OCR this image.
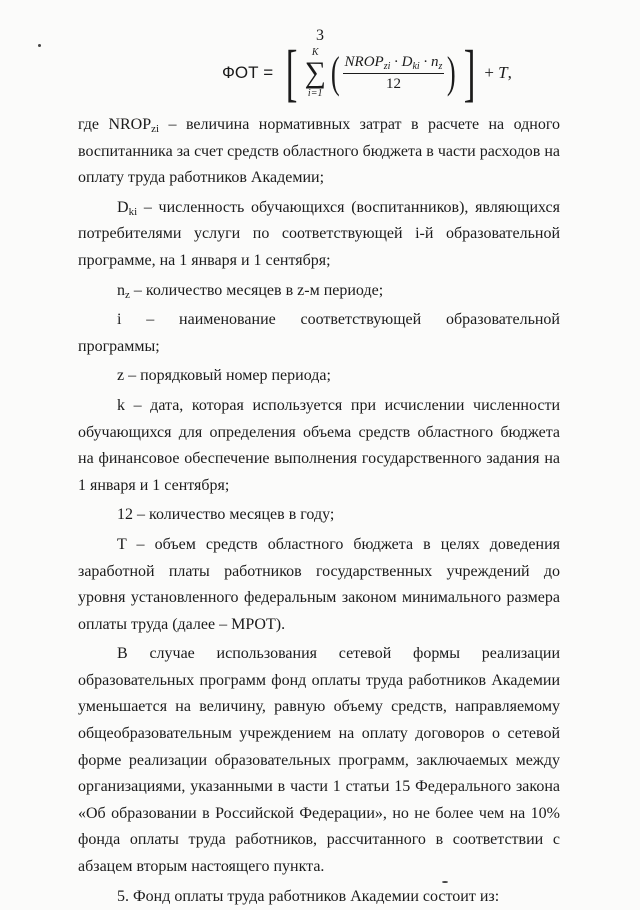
3
ФОТ = [ K
∑
i=1 ( $\frac{NROP_{zi} \cdot D_{ki} \cdot n_z}{12}$ ) ] + T,

где $NROP_{zi}$ – величина нормативных затрат в расчете на одного воспитанника за счет средств областного бюджета в части расходов на оплату труда работников Академии;

$D_{ki}$ – численность обучающихся (воспитанников), являющихся потребителями услуги по соответствующей i-й образовательной программе, на 1 января и 1 сентября;

$n_z$ – количество месяцев в z-м периоде;

i – наименование соответствующей образовательной программы;

z – порядковый номер периода;

k – дата, которая используется при исчислении численности обучающихся для определения объема средств областного бюджета на финансовое обеспечение выполнения государственного задания на 1 января и 1 сентября;

12 – количество месяцев в году;

T – объем средств областного бюджета в целях доведения заработной платы работников государственных учреждений до уровня установленного федеральным законом минимального размера оплаты труда (далее – МРОТ).

В случае использования сетевой формы реализации образовательных программ фонд оплаты труда работников Академии уменьшается на величину, равную объему средств, направляемому общеобразовательным учреждением на оплату договоров о сетевой форме реализации образовательных программ, заключаемых между организациями, указанными в части 1 статьи 15 Федерального закона «Об образовании в Российской Федерации», но не более чем на 10% фонда оплаты труда работников, рассчитанного в соответствии с абзацем вторым настоящего пункта.

5. Фонд оплаты труда работников Академии состоит из:
